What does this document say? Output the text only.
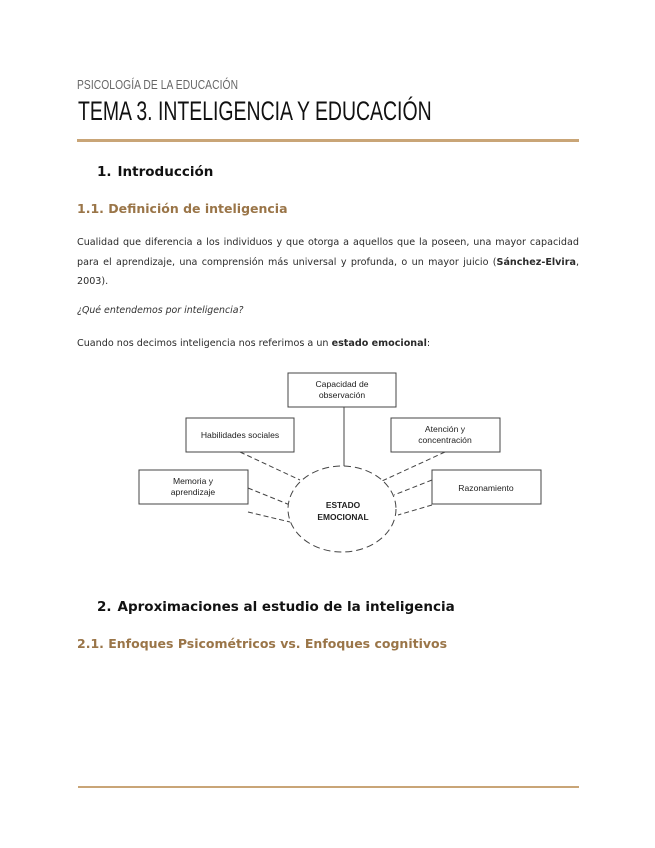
PSICOLOGÍA DE LA EDUCACIÓN
TEMA 3. INTELIGENCIA Y EDUCACIÓN
1. Introducción
1.1. Definición de inteligencia

Cualidad que diferencia a los individuos y que otorga a aquellos que la poseen, una mayor capacidad para el aprendizaje, una comprensión más universal y profunda, o un mayor juicio (Sánchez-Elvira, 2003).

¿Qué entendemos por inteligencia?

Cuando nos decimos inteligencia nos referimos a un estado emocional:

Capacidad de
observación
Habilidades sociales
Atención y
concentración
Memoria y
aprendizaje	Razonamiento
ESTADO
EMOCIONAL
2. Aproximaciones al estudio de la inteligencia
2.1. Enfoques Psicométricos vs. Enfoques cognitivos
